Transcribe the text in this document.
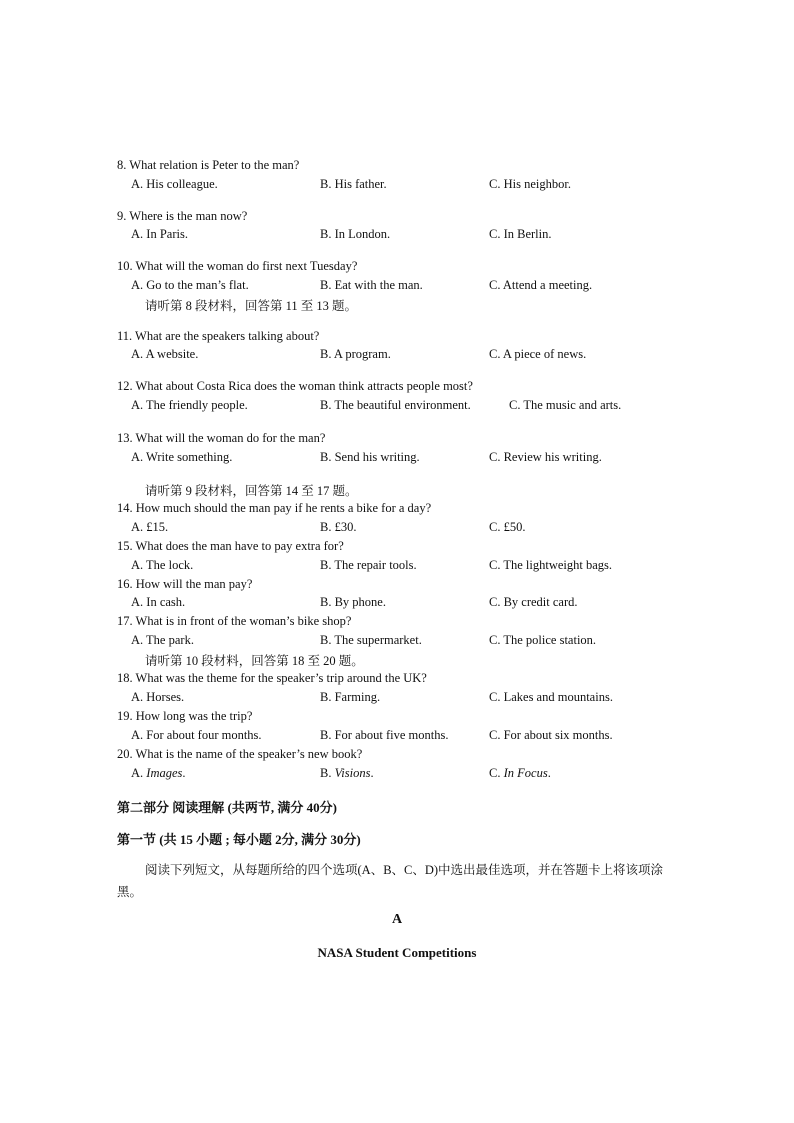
8. What relation is Peter to the man?
A. His colleague.	B. His father.	C. His neighbor.
9. Where is the man now?
A. In Paris.	B. In London.	C. In Berlin.
10. What will the woman do first next Tuesday?
A. Go to the man’s flat.	B. Eat with the man.	C. Attend a meeting.
请听第 8 段材料，回答第 11 至 13 题。
11. What are the speakers talking about?
A. A website.	B. A program.	C. A piece of news.
12. What about Costa Rica does the woman think attracts people most?
A. The friendly people.	B. The beautiful environment.	C. The music and arts.
13. What will the woman do for the man?
A. Write something.	B. Send his writing.	C. Review his writing.
请听第 9 段材料，回答第 14 至 17 题。
14. How much should the man pay if he rents a bike for a day?
A. £15.	B. £30.	C. £50.
15. What does the man have to pay extra for?
A. The lock.	B. The repair tools.	C. The lightweight bags.
16. How will the man pay?
A. In cash.	B. By phone.	C. By credit card.
17. What is in front of the woman’s bike shop?
A. The park.	B. The supermarket.	C. The police station.
请听第 10 段材料，回答第 18 至 20 题。
18. What was the theme for the speaker’s trip around the UK?
A. Horses.	B. Farming.	C. Lakes and mountains.
19. How long was the trip?
A. For about four months.	B. For about five months.	C. For about six months.
20. What is the name of the speaker’s new book?
A. Images.	B. Visions.	C. In Focus.
第二部分 阅读理解 (共两节, 满分 40分)
第一节 (共 15 小题 ; 每小题 2分, 满分 30分)
阅读下列短文，从每题所给的四个选项(A、B、C、D)中选出最佳选项，并在答题卡上将该项涂黑。
A
NASA Student Competitions
